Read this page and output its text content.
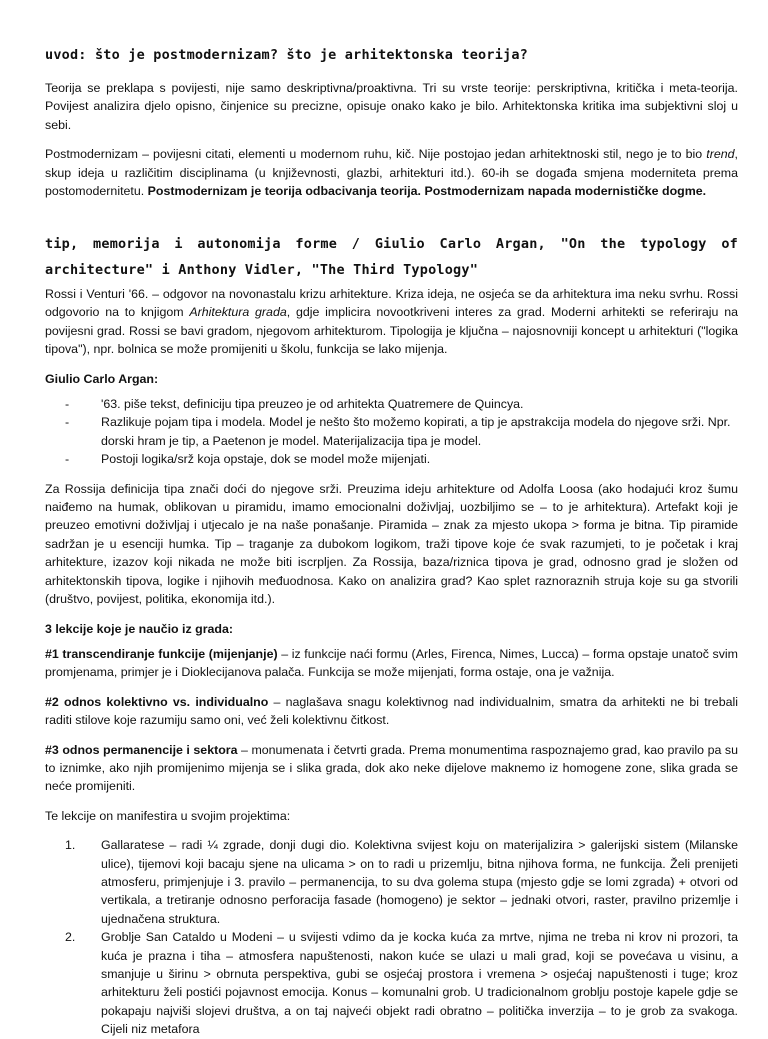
uvod: što je postmodernizam? što je arhitektonska teorija?

Teorija se preklapa s povijesti, nije samo deskriptivna/proaktivna. Tri su vrste teorije: perskriptivna, kritička i meta-teorija. Povijest analizira djelo opisno, činjenice su precizne, opisuje onako kako je bilo. Arhitektonska kritika ima subjektivni sloj u sebi.

Postmodernizam – povijesni citati, elementi u modernom ruhu, kič. Nije postojao jedan arhitektnoski stil, nego je to bio trend, skup ideja u različitim disciplinama (u književnosti, glazbi, arhitekturi itd.). 60-ih se događa smjena moderniteta prema postomodernitetu. Postmodernizam je teorija odbacivanja teorija. Postmodernizam napada modernističke dogme.

tip, memorija i autonomija forme / Giulio Carlo Argan, "On the typology of architecture" i Anthony Vidler, "The Third Typology"

Rossi i Venturi '66. – odgovor na novonastalu krizu arhitekture. Kriza ideja, ne osjeća se da arhitektura ima neku svrhu. Rossi odgovorio na to knjigom Arhitektura grada, gdje implicira novootkriveni interes za grad. Moderni arhitekti se referiraju na povijesni grad. Rossi se bavi gradom, njegovom arhitekturom. Tipologija je ključna – najosnovniji koncept u arhitekturi ("logika tipova"), npr. bolnica se može promijeniti u školu, funkcija se lako mijenja.

Giulio Carlo Argan:

- '63. piše tekst, definiciju tipa preuzeo je od arhitekta Quatremere de Quincya.
- Razlikuje pojam tipa i modela. Model je nešto što možemo kopirati, a tip je apstrakcija modela do njegove srži. Npr. dorski hram je tip, a Paetenon je model. Materijalizacija tipa je model.
- Postoji logika/srž koja opstaje, dok se model može mijenjati.

Za Rossija definicija tipa znači doći do njegove srži. Preuzima ideju arhitekture od Adolfa Loosa (ako hodajući kroz šumu naiđemo na humak, oblikovan u piramidu, imamo emocionalni doživljaj, uozbiljimo se – to je arhitektura). Artefakt koji je preuzeo emotivni doživljaj i utjecalo je na naše ponašanje. Piramida – znak za mjesto ukopa > forma je bitna. Tip piramide sadržan je u esenciji humka. Tip – traganje za dubokom logikom, traži tipove koje će svak razumjeti, to je početak i kraj arhitekture, izazov koji nikada ne može biti iscrpljen. Za Rossija, baza/riznica tipova je grad, odnosno grad je složen od arhitektonskih tipova, logike i njihovih međuodnosa. Kako on analizira grad? Kao splet raznoraznih struja koje su ga stvorili (društvo, povijest, politika, ekonomija itd.).

3 lekcije koje je naučio iz grada:

#1 transcendiranje funkcije (mijenjanje) – iz funkcije naći formu (Arles, Firenca, Nimes, Lucca) – forma opstaje unatoč svim promjenama, primjer je i Dioklecijanova palača. Funkcija se može mijenjati, forma ostaje, ona je važnija.

#2 odnos kolektivno vs. individualno – naglašava snagu kolektivnog nad individualnim, smatra da arhitekti ne bi trebali raditi stilove koje razumiju samo oni, već želi kolektivnu čitkost.

#3 odnos permanencije i sektora – monumenata i četvrti grada. Prema monumentima raspoznajemo grad, kao pravilo pa su to iznimke, ako njih promijenimo mijenja se i slika grada, dok ako neke dijelove maknemo iz homogene zone, slika grada se neće promijeniti.

Te lekcije on manifestira u svojim projektima:

1. Gallaratese – radi ¼ zgrade, donji dugi dio. Kolektivna svijest koju on materijalizira > galerijski sistem (Milanske ulice), tijemovi koji bacaju sjene na ulicama > on to radi u prizemlju, bitna njihova forma, ne funkcija. Želi prenijeti atmosferu, primjenjuje i 3. pravilo – permanencija, to su dva golema stupa (mjesto gdje se lomi zgrada) + otvori od vertikala, a tretiranje odnosno perforacija fasade (homogeno) je sektor – jednaki otvori, raster, pravilno prizemlje i ujednačena struktura.
2. Groblje San Cataldo u Modeni – u svijesti vdimo da je kocka kuća za mrtve, njima ne treba ni krov ni prozori, ta kuća je prazna i tiha – atmosfera napuštenosti, nakon kuće se ulazi u mali grad, koji se povećava u visinu, a smanjuje u širinu > obrnuta perspektiva, gubi se osjećaj prostora i vremena > osjećaj napuštenosti i tuge; kroz arhitekturu želi postići pojavnost emocija. Konus – komunalni grob. U tradicionalnom groblju postoje kapele gdje se pokapaju najviši slojevi društva, a on taj najveći objekt radi obratno – politička inverzija – to je grob za svakoga. Cijeli niz metafora
